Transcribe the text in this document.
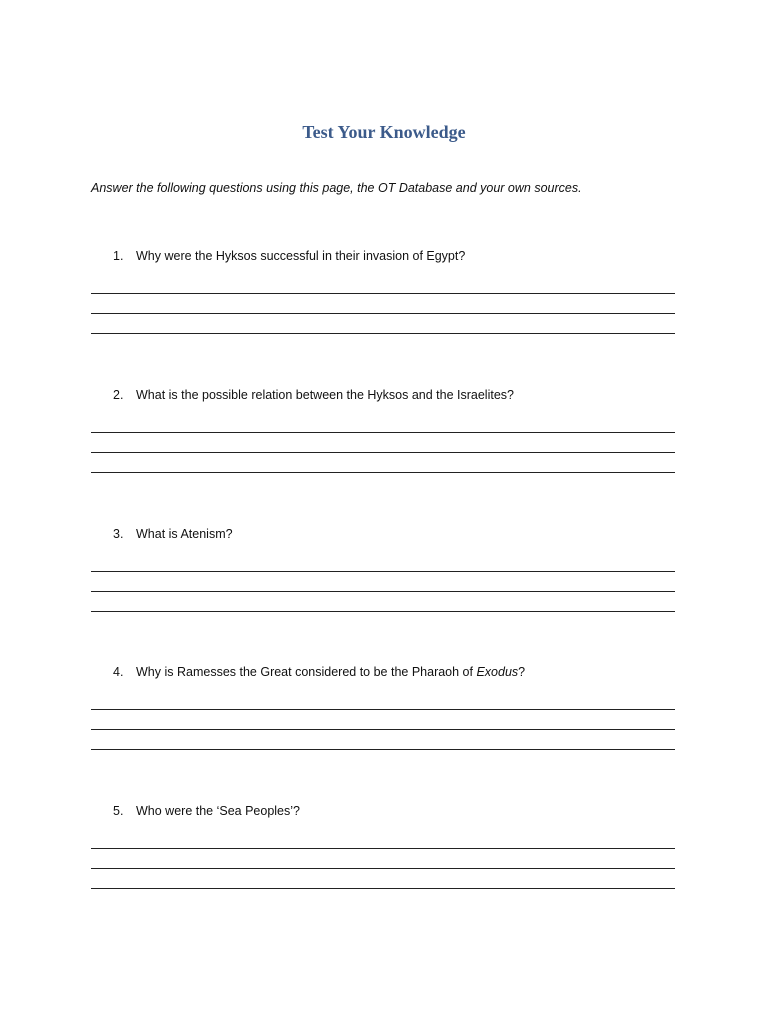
Test Your Knowledge

Answer the following questions using this page, the OT Database and your own sources.

1. Why were the Hyksos successful in their invasion of Egypt?
2. What is the possible relation between the Hyksos and the Israelites?
3. What is Atenism?
4. Why is Ramesses the Great considered to be the Pharaoh of Exodus?
5. Who were the ‘Sea Peoples’?
